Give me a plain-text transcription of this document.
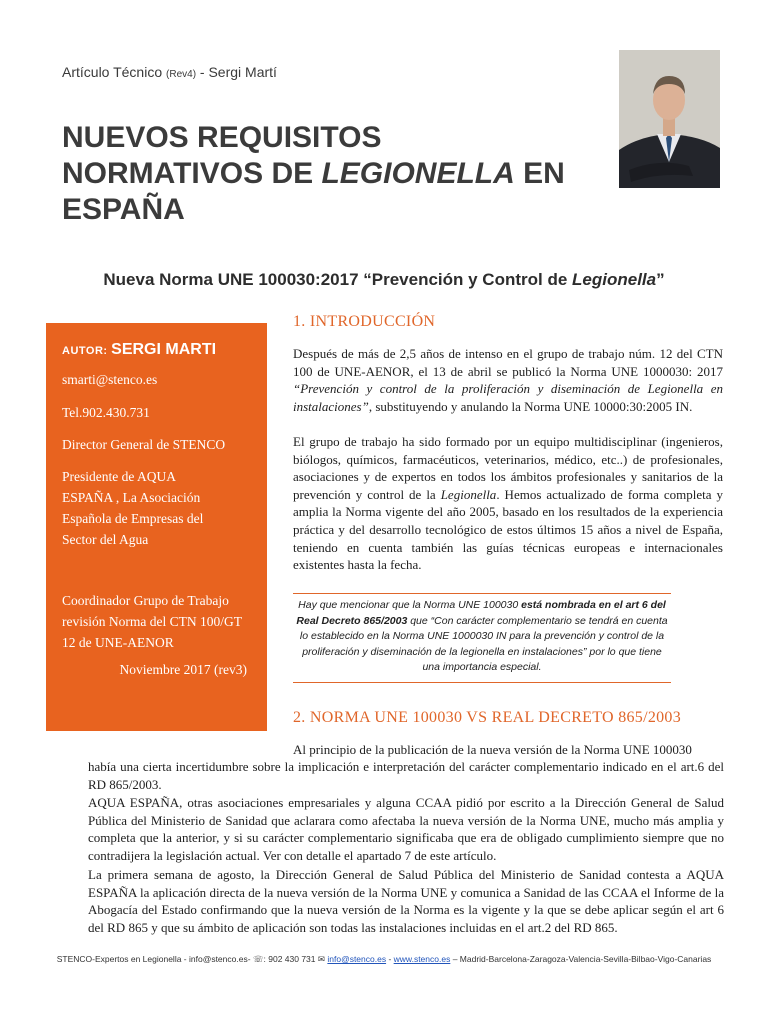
Artículo Técnico (Rev4) - Sergi Martí
NUEVOS REQUISITOS
NORMATIVOS DE LEGIONELLA EN
ESPAÑA
Nueva Norma UNE 100030:2017 “Prevención y Control de Legionella”
AUTOR: SERGI MARTI

smarti@stenco.es

Tel.902.430.731

Director General de STENCO

Presidente de AQUA ESPAÑA , La Asociación Española de Empresas del Sector del Agua

Coordinador Grupo de Trabajo revisión Norma del CTN 100/GT 12 de UNE-AENOR

Noviembre 2017 (rev3)

1. INTRODUCCIÓN

Después de más de 2,5 años de intenso en el grupo de trabajo núm. 12 del CTN 100 de UNE-AENOR, el 13 de abril se publicó la Norma UNE 1000030: 2017 “Prevención y control de la proliferación y diseminación de Legionella en instalaciones”, substituyendo y anulando la Norma UNE 10000:30:2005 IN.

El grupo de trabajo ha sido formado por un equipo multidisciplinar (ingenieros, biólogos, químicos, farmacéuticos, veterinarios, médico, etc..) de profesionales, asociaciones y de expertos en todos los ámbitos profesionales y sanitarios de la prevención y control de la Legionella. Hemos actualizado de forma completa y amplia la Norma vigente del año 2005, basado en los resultados de la experiencia práctica y del desarrollo tecnológico de estos últimos 15 años a nivel de España, teniendo en cuenta también las guías técnicas europeas e internacionales existentes hasta la fecha.

Hay que mencionar que la Norma UNE 100030 está nombrada en el art 6 del Real Decreto 865/2003 que “Con carácter complementario se tendrá en cuenta lo establecido en la Norma UNE 1000030 IN para la prevención y control de la proliferación y diseminación de la legionella en instalaciones” por lo que tiene una importancia especial.
2. NORMA UNE 100030 VS REAL DECRETO 865/2003

Al principio de la publicación de la nueva versión de la Norma UNE 100030

había una cierta incertidumbre sobre la implicación e interpretación del carácter complementario indicado en el art.6 del RD 865/2003.

AQUA ESPAÑA, otras asociaciones empresariales y alguna CCAA pidió por escrito a la Dirección General de Salud Pública del Ministerio de Sanidad que aclarara como afectaba la nueva versión de la Norma UNE, mucho más amplia y completa que la anterior, y si su carácter complementario significaba que era de obligado cumplimiento siempre que no contradijera la legislación actual. Ver con detalle el apartado 7 de este artículo.

La primera semana de agosto, la Dirección General de Salud Pública del Ministerio de Sanidad contesta a AQUA ESPAÑA la aplicación directa de la nueva versión de la Norma UNE y comunica a Sanidad de las CCAA el Informe de la Abogacía del Estado confirmando que la nueva versión de la Norma es la vigente y la que se debe aplicar según el art 6 del RD 865 y que su ámbito de aplicación son todas las instalaciones incluidas en el art.2 del RD 865.

STENCO-Expertos en Legionella - info@stenco.es- ☏: 902 430 731 ✉ info@stenco.es - www.stenco.es – Madrid-Barcelona-Zaragoza-Valencia-Sevilla-Bilbao-Vigo-Canarias
